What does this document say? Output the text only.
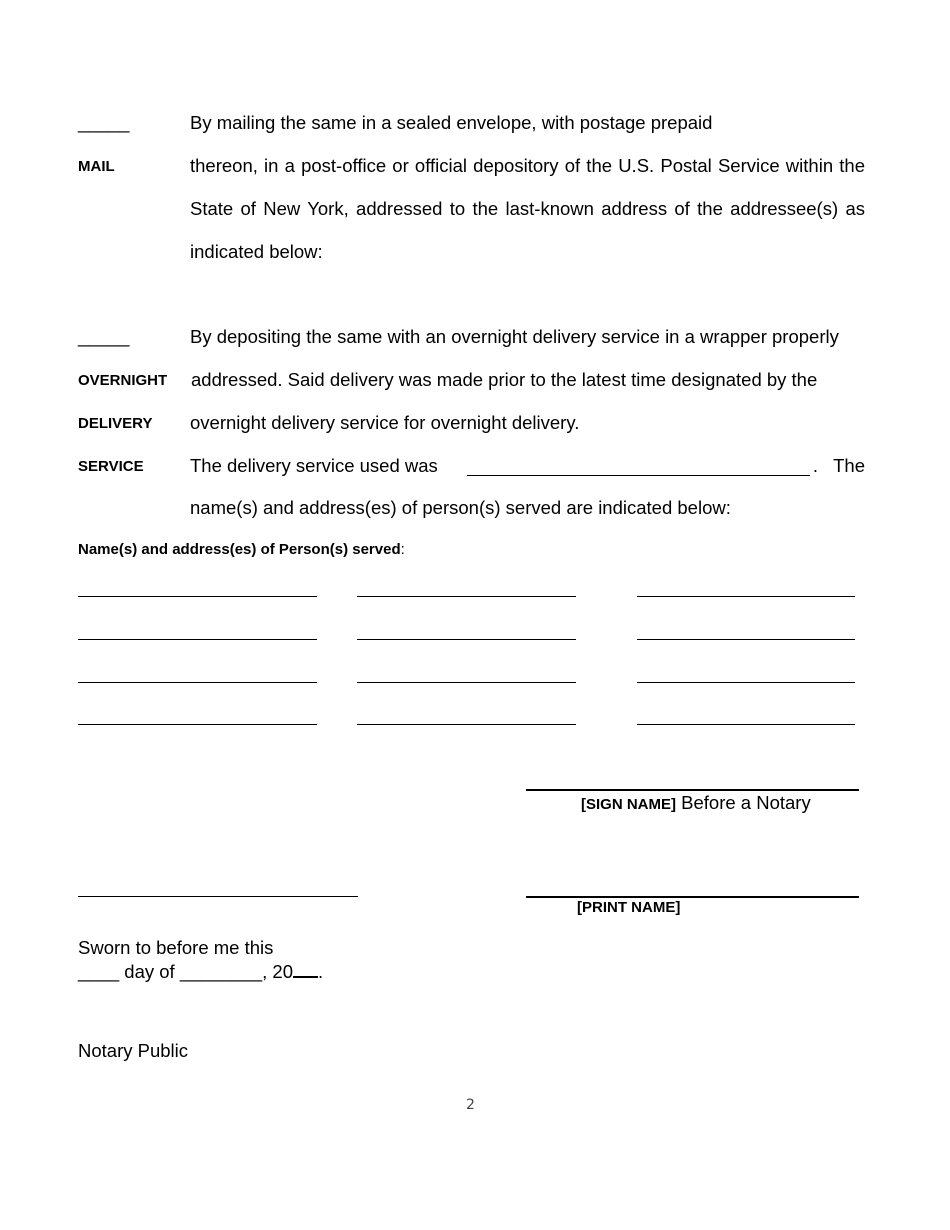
_____
MAIL
By mailing the same in a sealed envelope, with postage prepaid
thereon, in a post-office or official depository of the U.S. Postal Service within the
State of New York, addressed to the last-known address of the addressee(s) as
indicated below:
_____
OVERNIGHT
DELIVERY
SERVICE
By depositing the same with an overnight delivery service in a wrapper properly
addressed. Said delivery was made prior to the latest time designated by the
overnight delivery service for overnight delivery.
The delivery service used was	.   The
name(s) and address(es) of person(s) served are indicated below:
Name(s) and address(es) of Person(s) served:
[SIGN NAME] Before a Notary
[PRINT NAME]
Sworn to before me this
____ day of ________, 20 .
Notary Public
2
